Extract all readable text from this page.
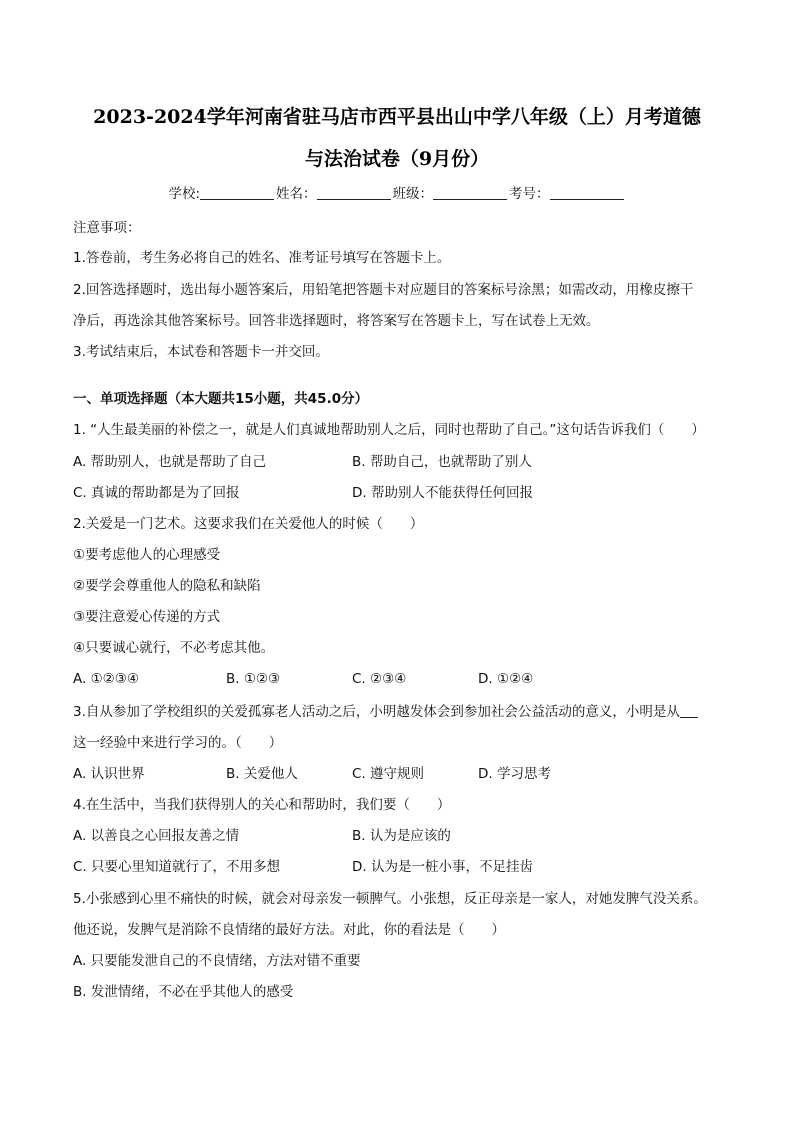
2023-2024学年河南省驻马店市西平县出山中学八年级（上）月考道德
与法治试卷（9月份）
学校:	姓名：	班级：	考号：
注意事项：
1.答卷前，考生务必将自己的姓名、准考证号填写在答题卡上。
2.回答选择题时，选出每小题答案后，用铅笔把答题卡对应题目的答案标号涂黑；如需改动，用橡皮擦干
净后，再选涂其他答案标号。回答非选择题时，将答案写在答题卡上，写在试卷上无效。
3.考试结束后，本试卷和答题卡一并交回。
一、单项选择题（本大题共15小题，共45.0分）
1. “人生最美丽的补偿之一，就是人们真诚地帮助别人之后，同时也帮助了自己。”这句话告诉我们（　　）
A. 帮助别人，也就是帮助了自己	B. 帮助自己，也就帮助了别人
C. 真诚的帮助都是为了回报	D. 帮助别人不能获得任何回报
2.关爱是一门艺术。这要求我们在关爱他人的时候（　　）
①要考虑他人的心理感受
②要学会尊重他人的隐私和缺陷
③要注意爱心传递的方式
④只要诚心就行，不必考虑其他。
A. ①②③④	B. ①②③	C. ②③④	D. ①②④
3.自从参加了学校组织的关爱孤寡老人活动之后，小明越发体会到参加社会公益活动的意义，小明是从
这一经验中来进行学习的。（　　）
A. 认识世界	B. 关爱他人	C. 遵守规则	D. 学习思考
4.在生活中，当我们获得别人的关心和帮助时，我们要（　　）
A. 以善良之心回报友善之情	B. 认为是应该的
C. 只要心里知道就行了，不用多想	D. 认为是一桩小事，不足挂齿
5.小张感到心里不痛快的时候，就会对母亲发一顿脾气。小张想，反正母亲是一家人，对她发脾气没关系。
他还说，发脾气是消除不良情绪的最好方法。对此，你的看法是（　　）
A. 只要能发泄自己的不良情绪，方法对错不重要
B. 发泄情绪，不必在乎其他人的感受
